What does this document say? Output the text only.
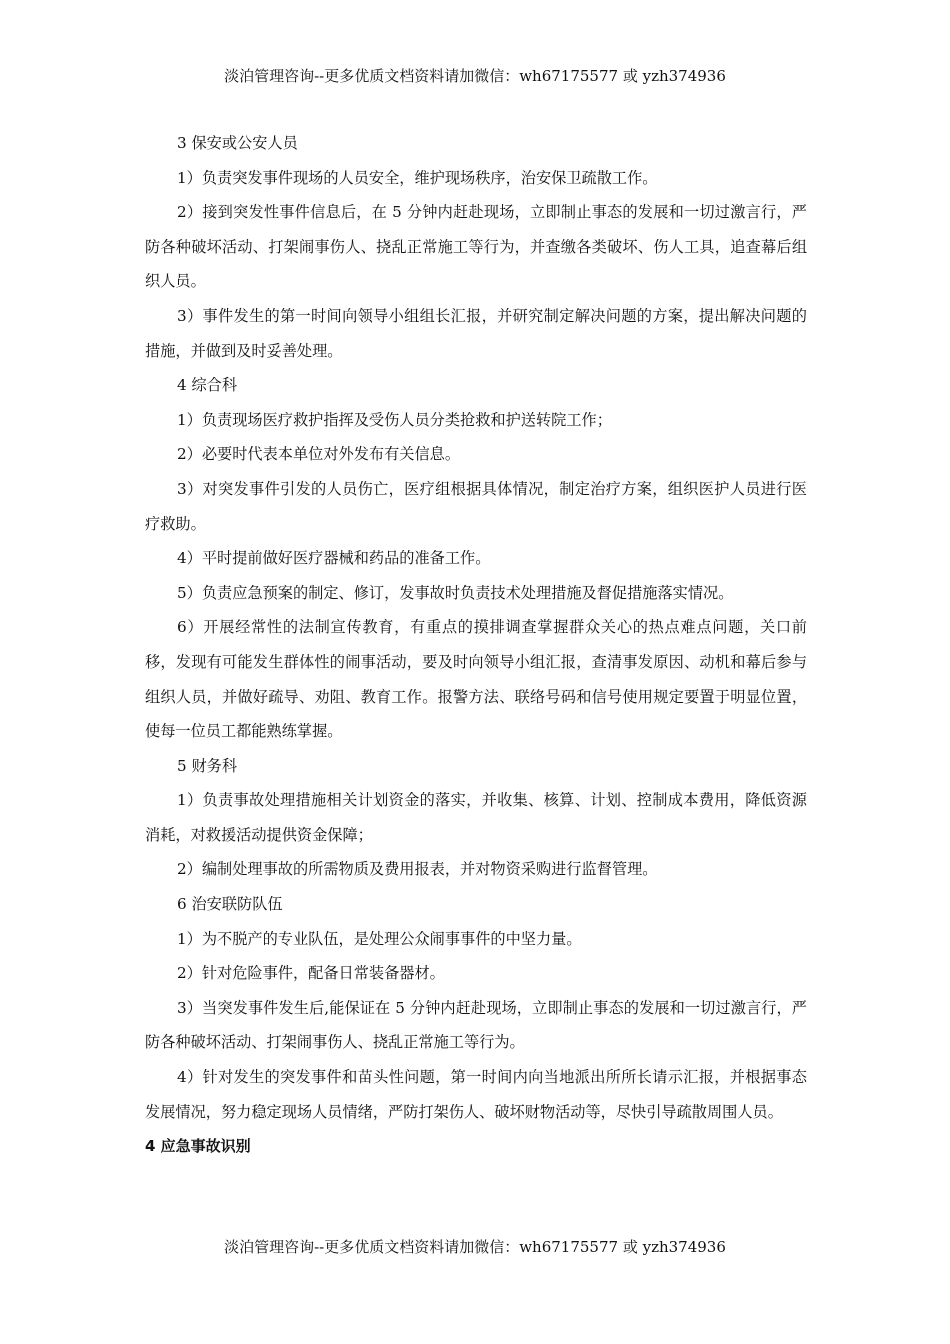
淡泊管理咨询--更多优质文档资料请加微信：wh67175577 或 yzh374936

3 保安或公安人员

1）负责突发事件现场的人员安全，维护现场秩序，治安保卫疏散工作。

2）接到突发性事件信息后，在 5 分钟内赶赴现场，立即制止事态的发展和一切过激言行，严防各种破坏活动、打架闹事伤人、挠乱正常施工等行为，并查缴各类破坏、伤人工具，追查幕后组织人员。

3）事件发生的第一时间向领导小组组长汇报，并研究制定解决问题的方案，提出解决问题的措施，并做到及时妥善处理。

4 综合科

1）负责现场医疗救护指挥及受伤人员分类抢救和护送转院工作；

2）必要时代表本单位对外发布有关信息。

3）对突发事件引发的人员伤亡，医疗组根据具体情况，制定治疗方案，组织医护人员进行医疗救助。

4）平时提前做好医疗器械和药品的准备工作。

5）负责应急预案的制定、修订，发事故时负责技术处理措施及督促措施落实情况。

6）开展经常性的法制宣传教育，有重点的摸排调查掌握群众关心的热点难点问题，关口前移，发现有可能发生群体性的闹事活动，要及时向领导小组汇报，查清事发原因、动机和幕后参与组织人员，并做好疏导、劝阻、教育工作。报警方法、联络号码和信号使用规定要置于明显位置，使每一位员工都能熟练掌握。

5 财务科

1）负责事故处理措施相关计划资金的落实，并收集、核算、计划、控制成本费用，降低资源消耗，对救援活动提供资金保障；

2）编制处理事故的所需物质及费用报表，并对物资采购进行监督管理。

6 治安联防队伍

1）为不脱产的专业队伍，是处理公众闹事事件的中坚力量。

2）针对危险事件，配备日常装备器材。

3）当突发事件发生后,能保证在 5 分钟内赶赴现场，立即制止事态的发展和一切过激言行，严防各种破坏活动、打架闹事伤人、挠乱正常施工等行为。

4）针对发生的突发事件和苗头性问题，第一时间内向当地派出所所长请示汇报，并根据事态发展情况，努力稳定现场人员情绪，严防打架伤人、破坏财物活动等，尽快引导疏散周围人员。

4 应急事故识别

淡泊管理咨询--更多优质文档资料请加微信：wh67175577 或 yzh374936
